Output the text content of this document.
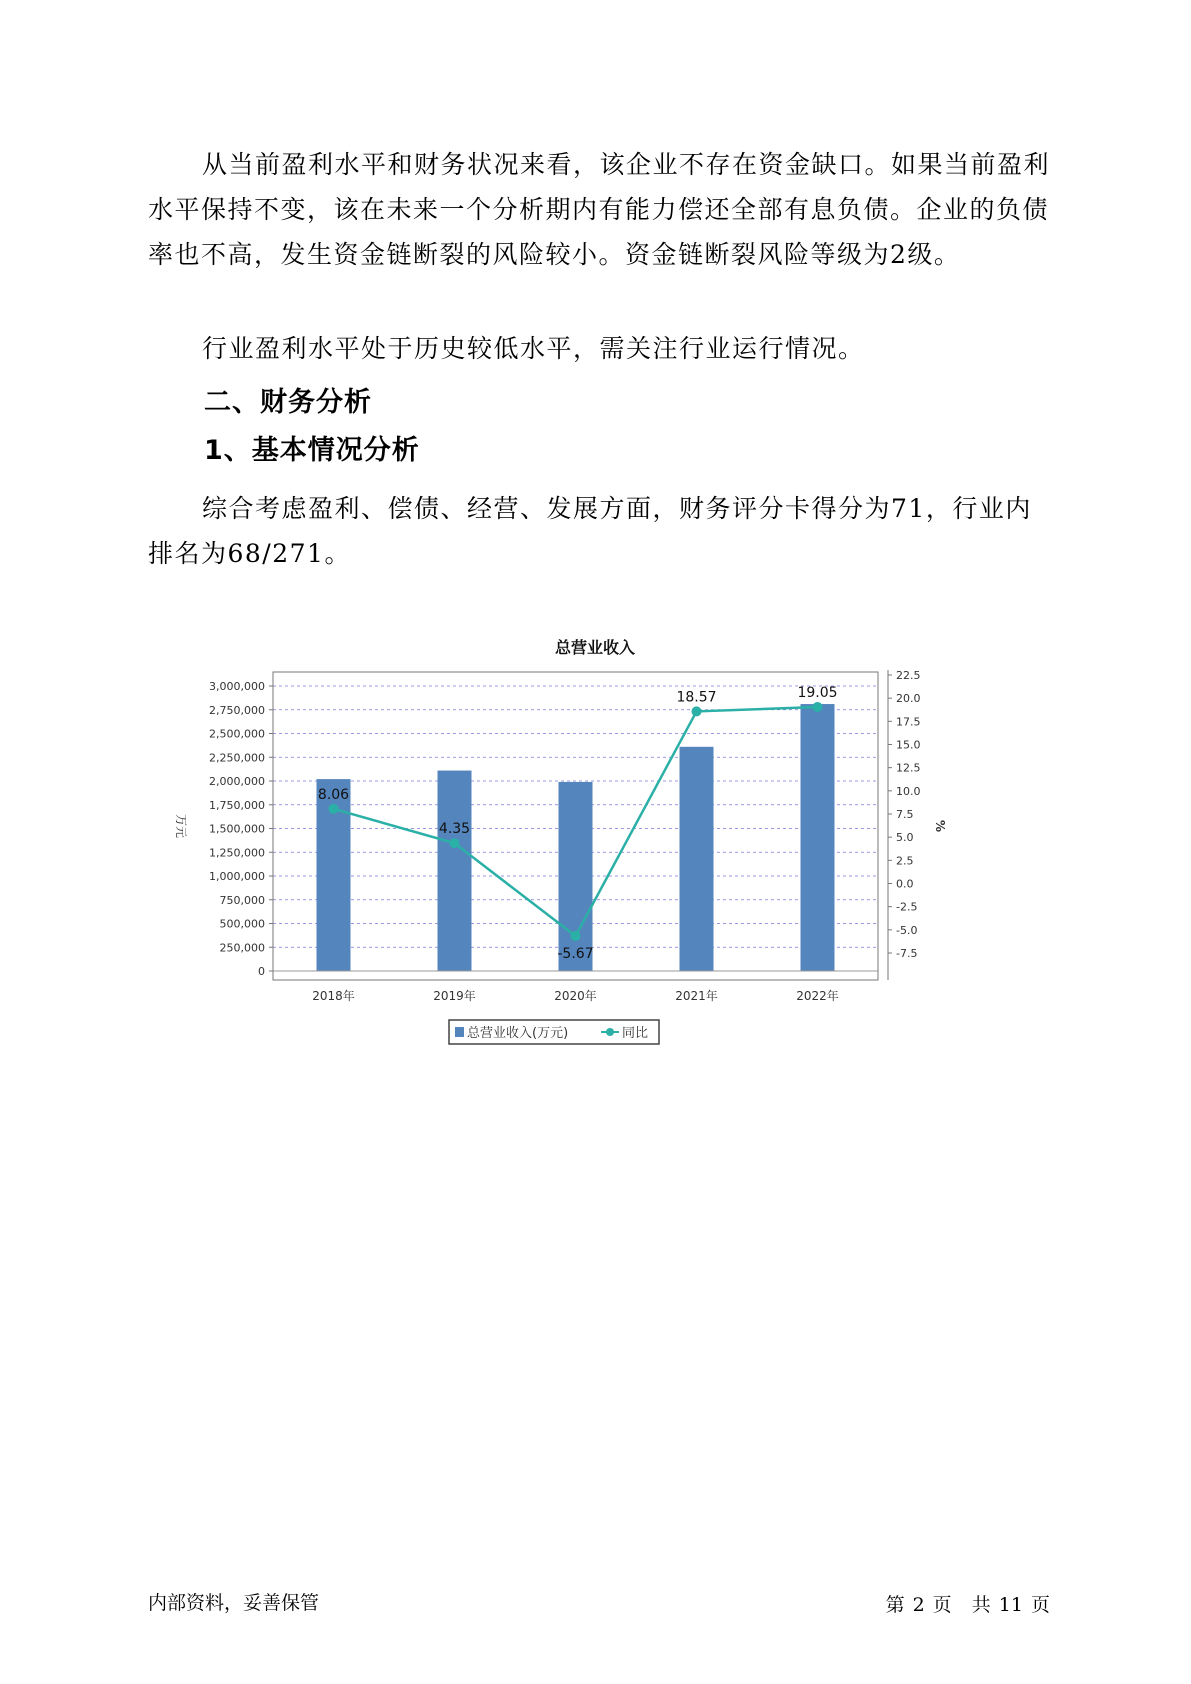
从当前盈利水平和财务状况来看，该企业不存在资金缺口。如果当前盈利水平保持不变，该在未来一个分析期内有能力偿还全部有息负债。企业的负债率也不高，发生资金链断裂的风险较小。资金链断裂风险等级为2级。

行业盈利水平处于历史较低水平，需关注行业运行情况。

二、财务分析
1、基本情况分析

综合考虑盈利、偿债、经营、发展方面，财务评分卡得分为71，行业内排名为68/271。

总营业收入
0
250,000
500,000
750,000
1,000,000
1,250,000
1,500,000
1,750,000
2,000,000
2,250,000
2,500,000
2,750,000
3,000,000
22.5
20.0
17.5
15.0
12.5
10.0
7.5
5.0
2.5
0.0
-2.5
-5.0
-7.5
8.06
4.35
-5.67
18.57	19.05
2018年	2019年	2020年	2021年	2022年
万元	%
总营业收入(万元)	同比
内部资料，妥善保管	第 2 页 共 11 页
